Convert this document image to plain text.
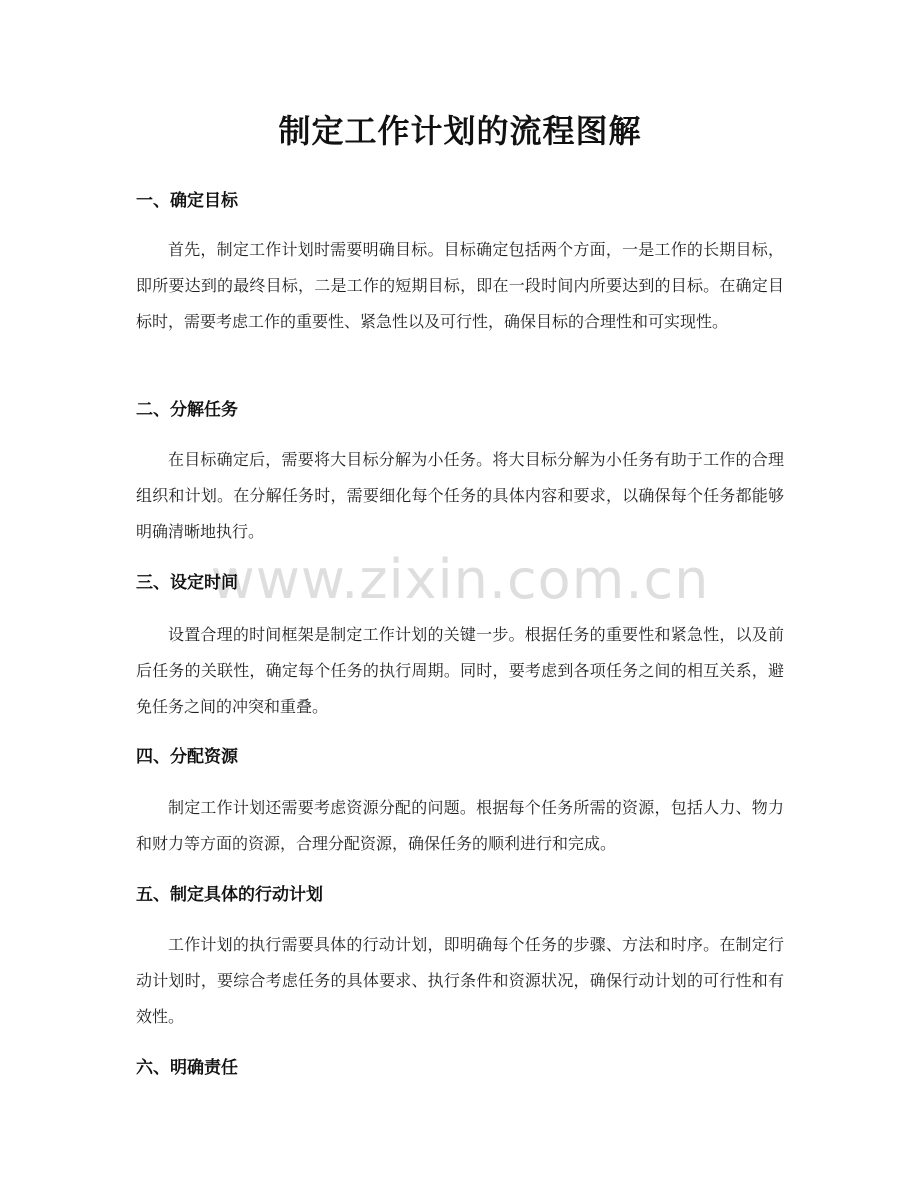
制定工作计划的流程图解
一、确定目标

首先，制定工作计划时需要明确目标。目标确定包括两个方面，一是工作的长期目标，即所要达到的最终目标，二是工作的短期目标，即在一段时间内所要达到的目标。在确定目标时，需要考虑工作的重要性、紧急性以及可行性，确保目标的合理性和可实现性。

二、分解任务

在目标确定后，需要将大目标分解为小任务。将大目标分解为小任务有助于工作的合理组织和计划。在分解任务时，需要细化每个任务的具体内容和要求，以确保每个任务都能够明确清晰地执行。

三、设定时间

设置合理的时间框架是制定工作计划的关键一步。根据任务的重要性和紧急性，以及前后任务的关联性，确定每个任务的执行周期。同时，要考虑到各项任务之间的相互关系，避免任务之间的冲突和重叠。

四、分配资源

制定工作计划还需要考虑资源分配的问题。根据每个任务所需的资源，包括人力、物力和财力等方面的资源，合理分配资源，确保任务的顺利进行和完成。

五、制定具体的行动计划

工作计划的执行需要具体的行动计划，即明确每个任务的步骤、方法和时序。在制定行动计划时，要综合考虑任务的具体要求、执行条件和资源状况，确保行动计划的可行性和有效性。

六、明确责任
www.zixin.com.cn
